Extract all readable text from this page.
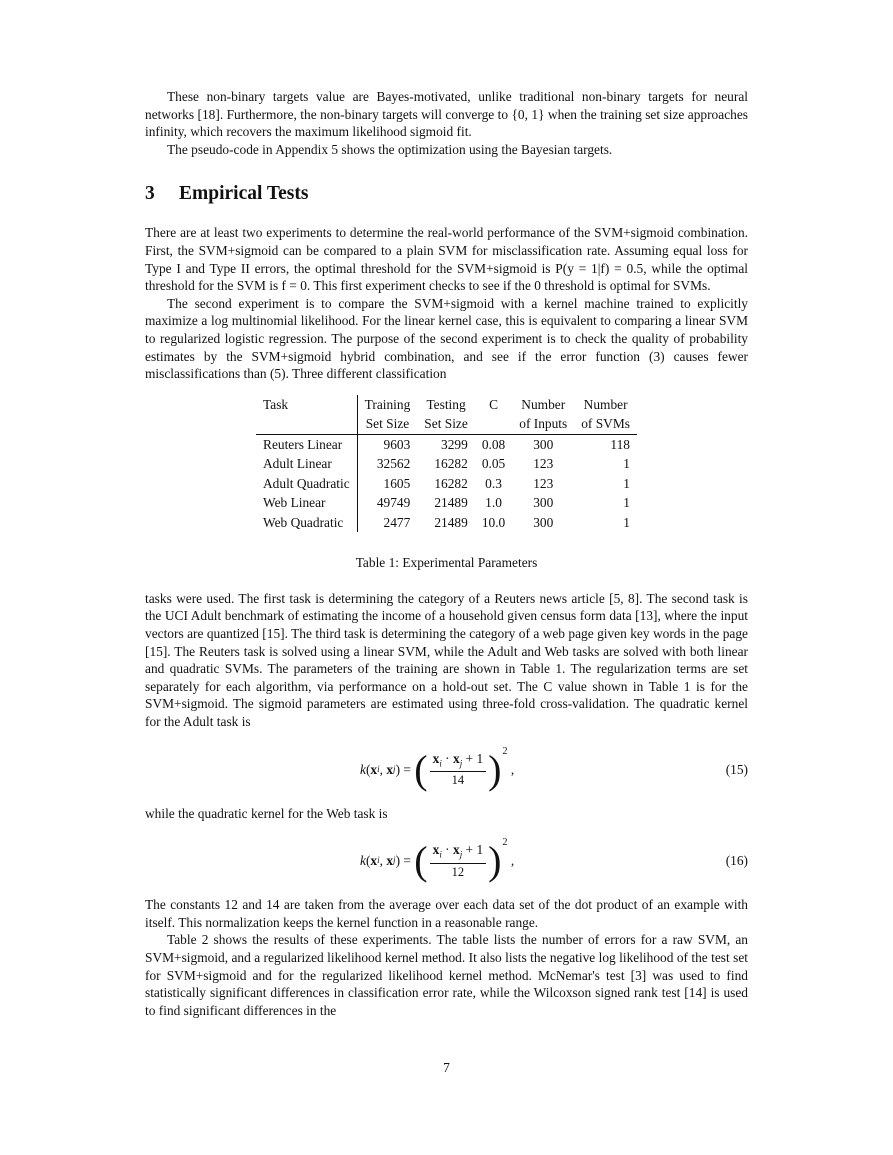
These non-binary targets value are Bayes-motivated, unlike traditional non-binary targets for neural networks [18]. Furthermore, the non-binary targets will converge to {0, 1} when the training set size approaches infinity, which recovers the maximum likelihood sigmoid fit.

The pseudo-code in Appendix 5 shows the optimization using the Bayesian targets.

3 Empirical Tests

There are at least two experiments to determine the real-world performance of the SVM+sigmoid combination. First, the SVM+sigmoid can be compared to a plain SVM for misclassification rate. Assuming equal loss for Type I and Type II errors, the optimal threshold for the SVM+sigmoid is P(y = 1|f) = 0.5, while the optimal threshold for the SVM is f = 0. This first experiment checks to see if the 0 threshold is optimal for SVMs.

The second experiment is to compare the SVM+sigmoid with a kernel machine trained to explicitly maximize a log multinomial likelihood. For the linear kernel case, this is equivalent to comparing a linear SVM to regularized logistic regression. The purpose of the second experiment is to check the quality of probability estimates by the SVM+sigmoid hybrid combination, and see if the error function (3) causes fewer misclassifications than (5). Three different classification

Task	Training	Testing	C	Number	Number
	Set Size	Set Size		of Inputs	of SVMs
Reuters Linear	9603	3299	0.08	300	118
Adult Linear	32562	16282	0.05	123	1
Adult Quadratic	1605	16282	0.3	123	1
Web Linear	49749	21489	1.0	300	1
Web Quadratic	2477	21489	10.0	300	1
Table 1: Experimental Parameters

tasks were used. The first task is determining the category of a Reuters news article [5, 8]. The second task is the UCI Adult benchmark of estimating the income of a household given census form data [13], where the input vectors are quantized [15]. The third task is determining the category of a web page given key words in the page [15]. The Reuters task is solved using a linear SVM, while the Adult and Web tasks are solved with both linear and quadratic SVMs. The parameters of the training are shown in Table 1. The regularization terms are set separately for each algorithm, via performance on a hold-out set. The C value shown in Table 1 is for the SVM+sigmoid. The sigmoid parameters are estimated using three-fold cross-validation. The quadratic kernel for the Adult task is

k ( x i , x j ) = ( $\frac{x_i \cdot x_j + 1}{14}$ ) 2
,	(15)

while the quadratic kernel for the Web task is

k ( x i , x j ) = ( $\frac{x_i \cdot x_j + 1}{12}$ ) 2
,	(16)

The constants 12 and 14 are taken from the average over each data set of the dot product of an example with itself. This normalization keeps the kernel function in a reasonable range.

Table 2 shows the results of these experiments. The table lists the number of errors for a raw SVM, an SVM+sigmoid, and a regularized likelihood kernel method. It also lists the negative log likelihood of the test set for SVM+sigmoid and for the regularized likelihood kernel method. McNemar's test [3] was used to find statistically significant differences in classification error rate, while the Wilcoxson signed rank test [14] is used to find significant differences in the

7
